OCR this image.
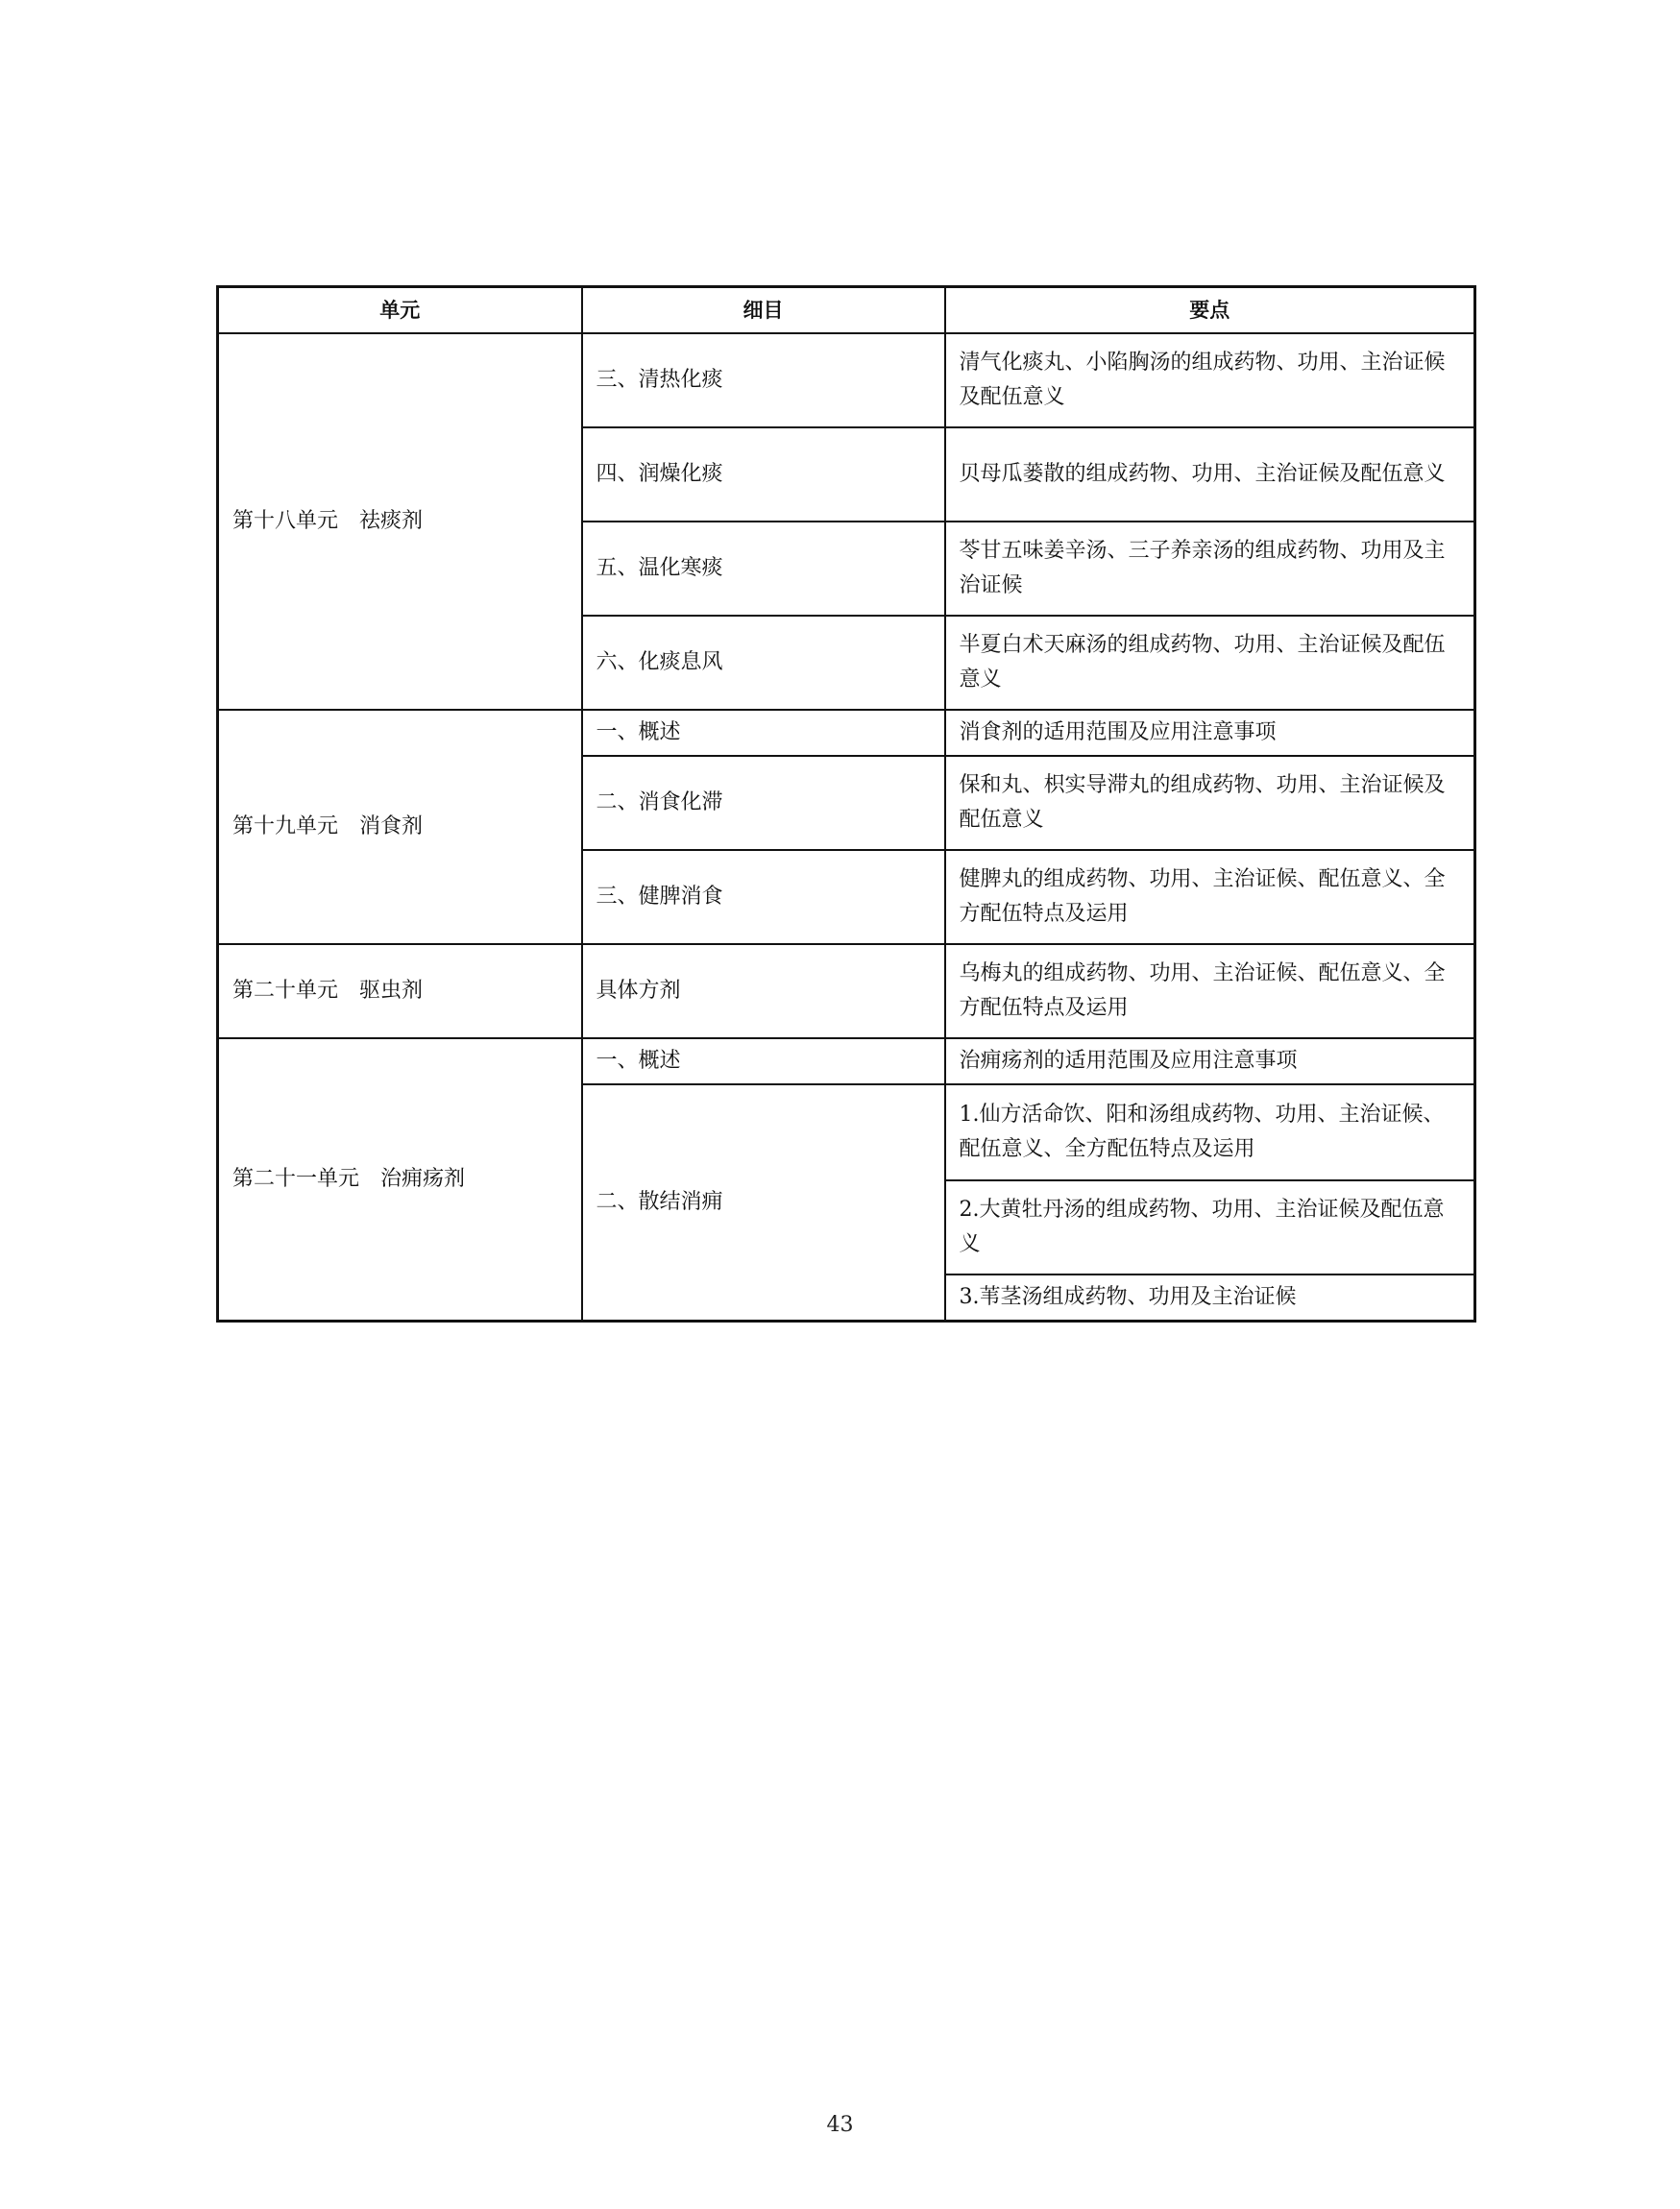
单元	细目	要点
第十八单元 祛痰剂	三、清热化痰	清气化痰丸、小陷胸汤的组成药物、功用、主治证候及配伍意义
	四、润燥化痰	贝母瓜蒌散的组成药物、功用、主治证候及配伍意义
	五、温化寒痰	苓甘五味姜辛汤、三子养亲汤的组成药物、功用及主治证候
	六、化痰息风	半夏白术天麻汤的组成药物、功用、主治证候及配伍意义
第十九单元 消食剂	一、概述	消食剂的适用范围及应用注意事项
	二、消食化滞	保和丸、枳实导滞丸的组成药物、功用、主治证候及配伍意义
	三、健脾消食	健脾丸的组成药物、功用、主治证候、配伍意义、全方配伍特点及运用
第二十单元 驱虫剂	具体方剂	乌梅丸的组成药物、功用、主治证候、配伍意义、全方配伍特点及运用
第二十一单元 治痈疡剂	一、概述	治痈疡剂的适用范围及应用注意事项
	二、散结消痈	1.仙方活命饮、阳和汤组成药物、功用、主治证候、配伍意义、全方配伍特点及运用
		2.大黄牡丹汤的组成药物、功用、主治证候及配伍意义
		3.苇茎汤组成药物、功用及主治证候
43
